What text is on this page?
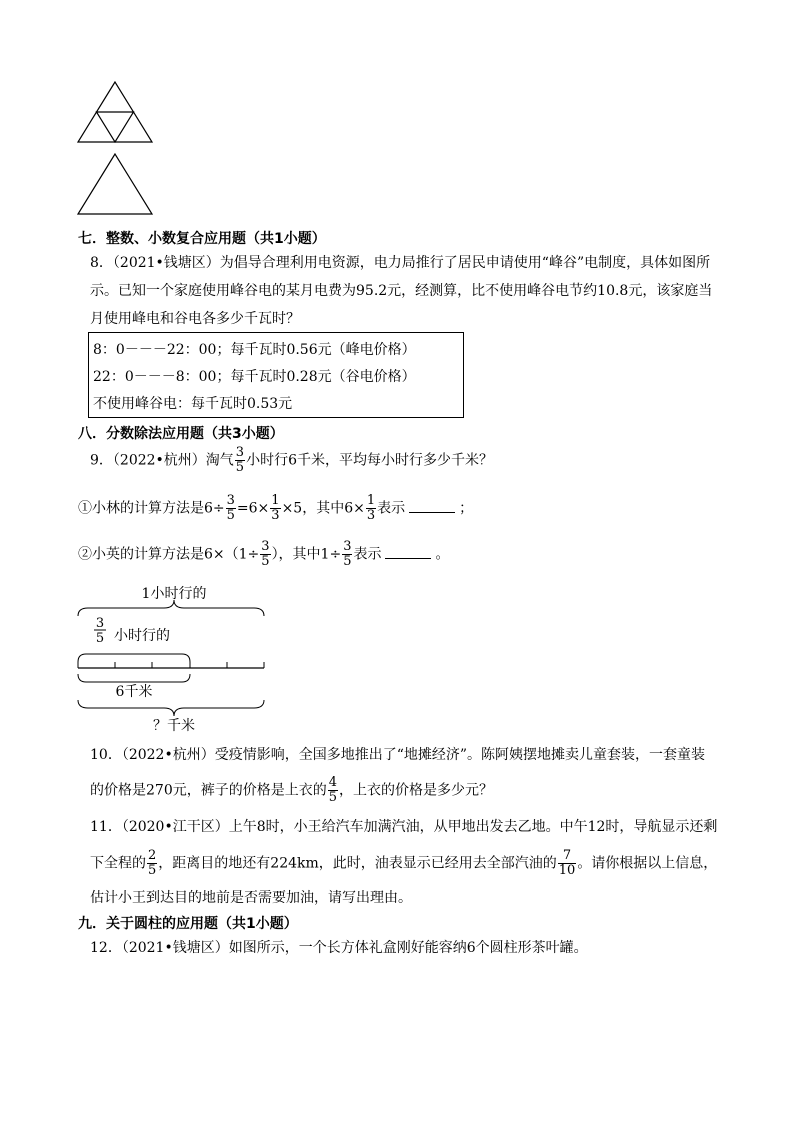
七．整数、小数复合应用题（共1小题）
8．（2021•钱塘区）为倡导合理利用电资源，电力局推行了居民申请使用“峰谷”电制度，具体如图所
示。已知一个家庭使用峰谷电的某月电费为95.2元，经测算，比不使用峰谷电节约10.8元，该家庭当
月使用峰电和谷电各多少千瓦时？
8：0－－－22：00；每千瓦时0.56元（峰电价格）
22：0－－－8：00；每千瓦时0.28元（谷电价格）
不使用峰谷电：每千瓦时0.53元
八．分数除法应用题（共3小题）
9．（2022•杭州）淘气 $\frac{3}{5}$ 小时行6千米，平均每小时行多少千米？
①小林的计算方法是$6\div \frac{3}{5} =6\times \frac{1}{3} \times 5$，其中$6\times \frac{1}{3}$ 表示	；
②小英的计算方法是$6\times(1\div \frac{3}{5}$ ），其中$1\div \frac{3}{5}$ 表示	。
1小时行的
3
5 小时行的
6千米
？千米
10．（2022•杭州）受疫情影响，全国多地推出了“地摊经济”。陈阿姨摆地摊卖儿童套装，一套童装
的价格是270元，裤子的价格是上衣的 $\frac{4}{5}$ ，上衣的价格是多少元？
11．（2020•江干区）上午8时，小王给汽车加满汽油，从甲地出发去乙地。中午12时，导航显示还剩
下全程的 $\frac{2}{5}$ ，距离目的地还有224km，此时，油表显示已经用去全部汽油的 $\frac{7}{10}$ 。请你根据以上信息，
估计小王到达目的地前是否需要加油，请写出理由。
九．关于圆柱的应用题（共1小题）
12．（2021•钱塘区）如图所示，一个长方体礼盒刚好能容纳6个圆柱形茶叶罐。
